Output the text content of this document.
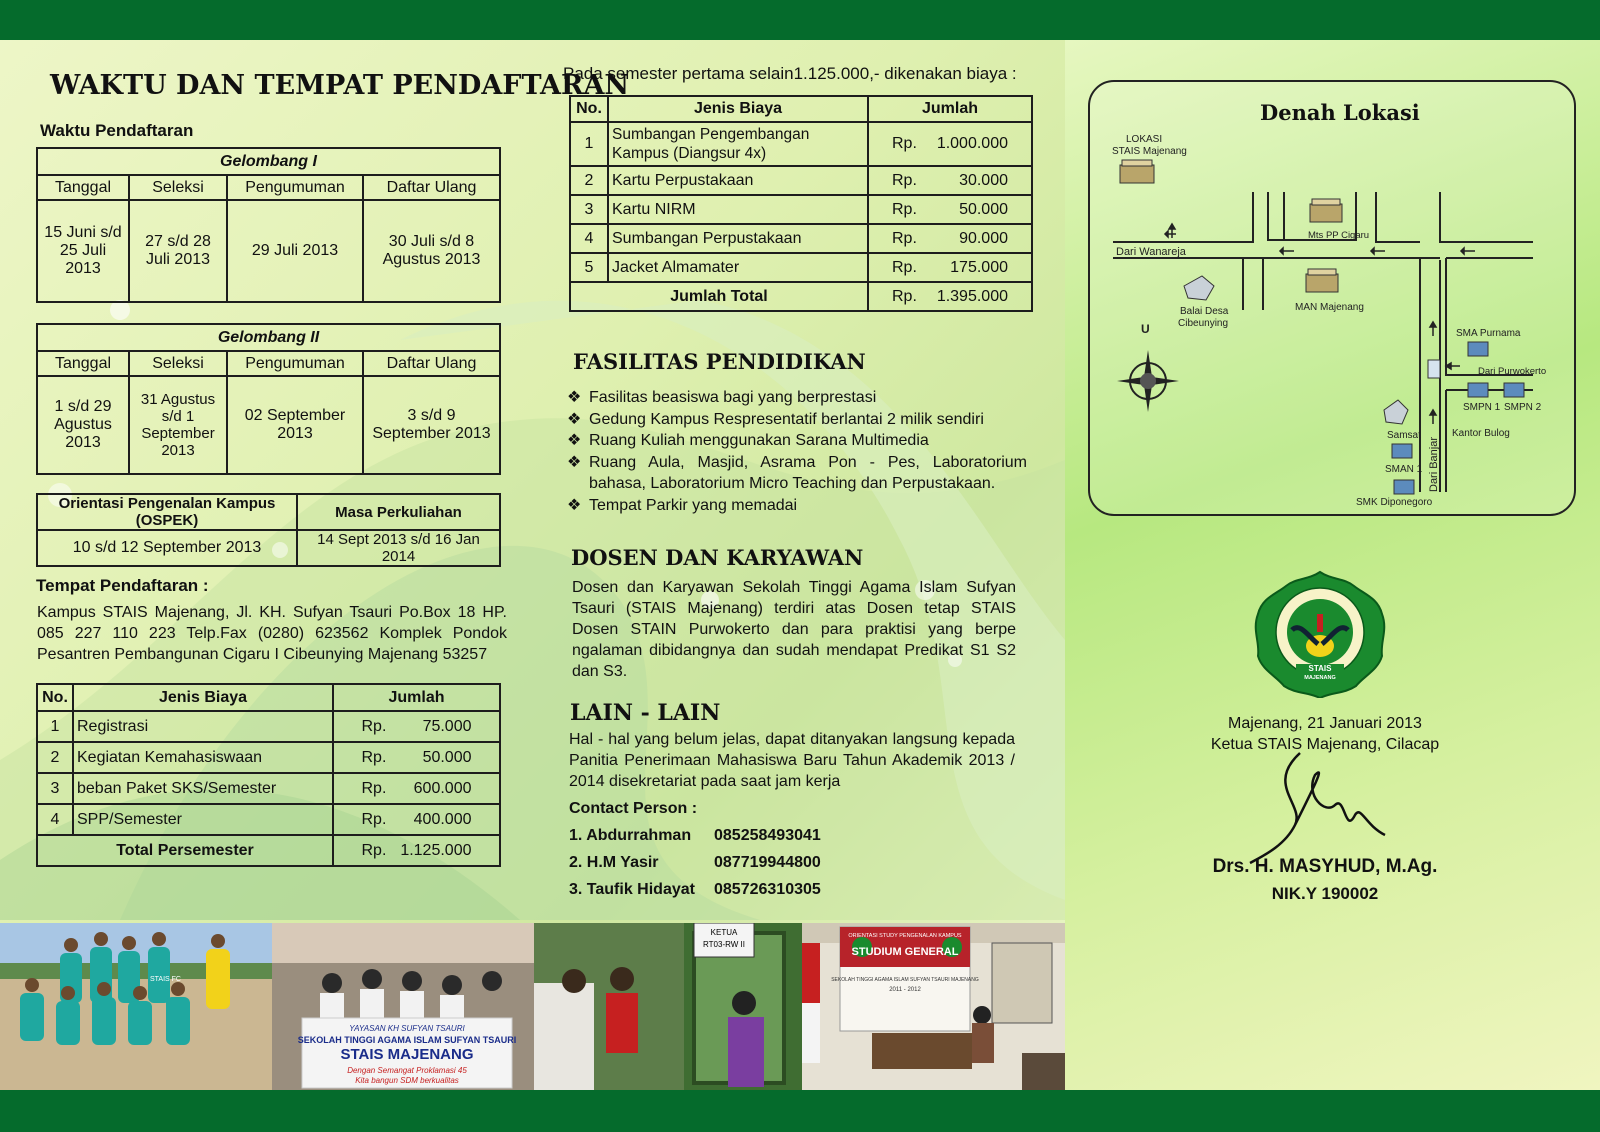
WAKTU DAN TEMPAT PENDAFTARAN
Waktu Pendaftaran
Gelombang I			
Tanggal	Seleksi	Pengumuman	Daftar Ulang
15 Juni s/d 25 Juli 2013	27 s/d 28 Juli 2013	29 Juli 2013	30 Juli s/d 8 Agustus 2013
Gelombang II			
Tanggal	Seleksi	Pengumuman	Daftar Ulang
1 s/d 29 Agustus 2013	31 Agustus s/d 1 September 2013	02 September 2013	3 s/d 9 September 2013
Orientasi Pengenalan Kampus (OSPEK)	Masa Perkuliahan
10 s/d 12 September 2013	14 Sept 2013 s/d 16 Jan 2014
Tempat Pendaftaran :
Kampus STAIS Majenang, Jl. KH. Sufyan Tsauri Po.Box 18 HP. 085 227 110 223 Telp.Fax (0280) 623562 Komplek Pondok Pesantren Pembangunan Cigaru I Cibeunying Majenang 53257
No.	Jenis Biaya	Jumlah
1	Registrasi	Rp. 75.000
2	Kegiatan Kemahasiswaan	Rp. 50.000
3	beban Paket SKS/Semester	Rp. 600.000
4	SPP/Semester	Rp. 400.000
Total Persemester		Rp. 1.125.000
Pada semester pertama selain1.125.000,- dikenakan biaya :
No.	Jenis Biaya	Jumlah
1	Sumbangan Pengembangan Kampus (Diangsur 4x)	Rp. 1.000.000
2	Kartu Perpustakaan	Rp. 30.000
3	Kartu NIRM	Rp. 50.000
4	Sumbangan Perpustakaan	Rp. 90.000
5	Jacket Almamater	Rp. 175.000
Jumlah Total		Rp. 1.395.000
FASILITAS PENDIDIKAN
❖ Fasilitas beasiswa bagi yang berprestasi
❖ Gedung Kampus Respresentatif berlantai 2 milik sendiri
❖ Ruang Kuliah menggunakan Sarana Multimedia
❖ Ruang Aula, Masjid, Asrama Pon - Pes, Laboratorium bahasa, Laboratorium Micro Teaching dan Perpustakaan.
❖ Tempat Parkir yang memadai
DOSEN DAN KARYAWAN
Dosen dan Karyawan Sekolah Tinggi Agama Islam Sufyan Tsauri (STAIS Majenang) terdiri atas Dosen tetap STAIS Dosen STAIN Purwokerto dan para praktisi yang berpe ngalaman dibidangnya dan sudah mendapat Predikat S1 S2 dan S3.
LAIN - LAIN
Hal - hal yang belum jelas, dapat ditanyakan langsung kepada Panitia Penerimaan Mahasiswa Baru Tahun Akademik 2013 / 2014 disekretariat pada saat jam kerja
Contact Person :
1. Abdurrahman 085258493041
2. H.M Yasir	087719944800
3. Taufik Hidayat 085726310305
Denah Lokasi
LOKASI
STAIS Majenang
Mts PP Cigaru
Dari Wanareja
Balai Desa
Cibeunying
MAN Majenang
U	SMA Purnama
Dari Purwokerto
SMPN 1 SMPN 2
Samsat	Kantor Bulog
SMAN 1
SMK Diponegoro
Dari Banjar
STAIS
MAJENANG
Majenang, 21 Januari 2013
Ketua STAIS Majenang, Cilacap
Drs. H. MASYHUD, M.Ag.
NIK.Y 190002
STAIS FC
YAYASAN KH SUFYAN TSAURI
SEKOLAH TINGGI AGAMA ISLAM SUFYAN TSAURI
STAIS MAJENANG
Dengan Semangat Proklamasi 45
Kita bangun SDM berkualitas
KETUA
RT03-RW II
ORIENTASI STUDY PENGENALAN KAMPUS
STUDIUM GENERAL
SEKOLAH TINGGI AGAMA ISLAM SUFYAN TSAURI MAJENANG
2011 - 2012
